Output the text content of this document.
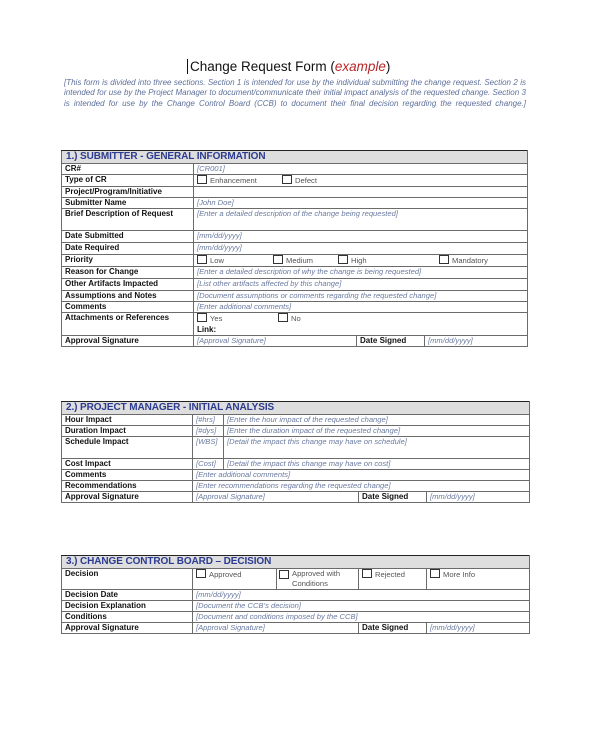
Change Request Form (example)
[This form is divided into three sections. Section 1 is intended for use by the individual submitting the change request. Section 2 is intended for use by the Project Manager to document/communicate their initial impact analysis of the requested change. Section 3 is intended for use by the Change Control Board (CCB) to document their final decision regarding the requested change.]
1.) SUBMITTER - GENERAL INFORMATION			
CR#	[CR001]		
Type of CR	Enhancement Defect		
Project/Program/Initiative			
Submitter Name	[John Doe]		
Brief Description of Request	[Enter a detailed description of the change being requested]		
Date Submitted	[mm/dd/yyyy]		
Date Required	[mm/dd/yyyy]		
Priority	Low Medium High Mandatory		
Reason for Change	[Enter a detailed description of why the change is being requested]		
Other Artifacts Impacted	[List other artifacts affected by this change]		
Assumptions and Notes	[Document assumptions or comments regarding the requested change]		
Comments	[Enter additional comments]		
Attachments or References	Yes No
Link:		
Approval Signature	[Approval Signature]	Date Signed	[mm/dd/yyyy]
2.) PROJECT MANAGER - INITIAL ANALYSIS				
Hour Impact	[#hrs]	[Enter the hour impact of the requested change]		
Duration Impact	[#dys]	[Enter the duration impact of the requested change]		
Schedule Impact	[WBS]	[Detail the impact this change may have on schedule]		
Cost Impact	[Cost]	[Detail the impact this change may have on cost]		
Comments	[Enter additional comments]			
Recommendations	[Enter recommendations regarding the requested change]			
Approval Signature	[Approval Signature]		Date Signed	[mm/dd/yyyy]
3.) CHANGE CONTROL BOARD – DECISION				
Decision	Approved	Approved with Conditions	Rejected	More Info
Decision Date	[mm/dd/yyyy]			
Decision Explanation	[Document the CCB’s decision]			
Conditions	[Document and conditions imposed by the CCB]			
Approval Signature	[Approval Signature]		Date Signed	[mm/dd/yyyy]
